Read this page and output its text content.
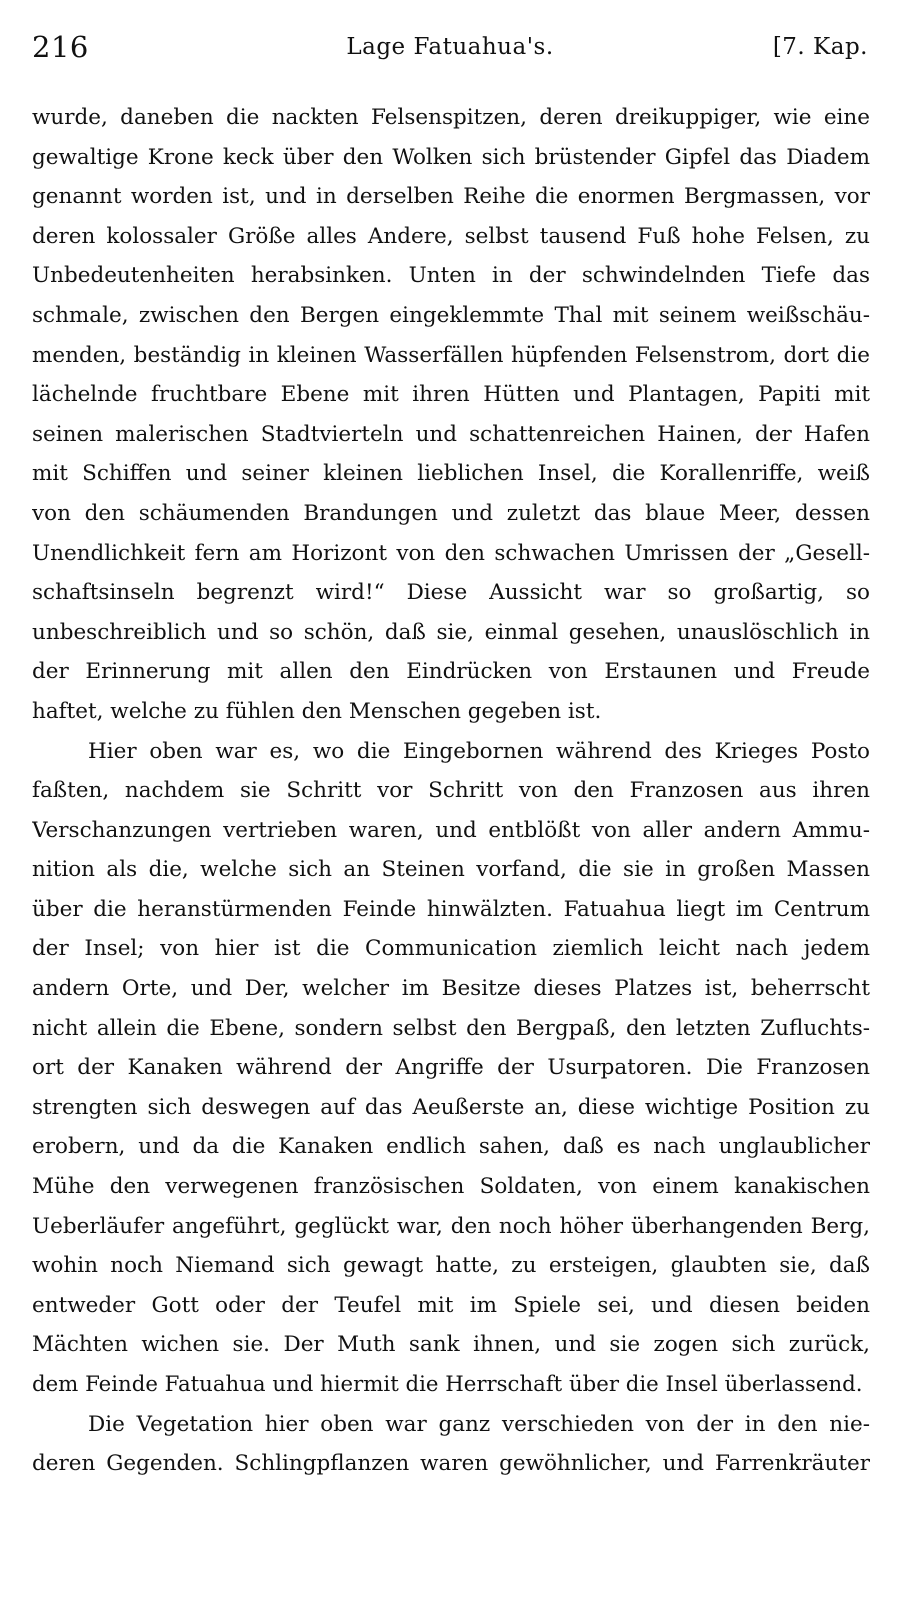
216	Lage Fatuahua's.	[7. Kap.
wurde, daneben die nackten Felsenspitzen, deren dreikuppiger, wie eine
gewaltige Krone keck über den Wolken sich brüstender Gipfel das Diadem
genannt worden ist, und in derselben Reihe die enormen Bergmassen, vor
deren kolossaler Größe alles Andere, selbst tausend Fuß hohe Felsen, zu
Unbedeutenheiten herabsinken. Unten in der schwindelnden Tiefe das
schmale, zwischen den Bergen eingeklemmte Thal mit seinem weißschäu-
menden, beständig in kleinen Wasserfällen hüpfenden Felsenstrom, dort die
lächelnde fruchtbare Ebene mit ihren Hütten und Plantagen, Papiti mit
seinen malerischen Stadtvierteln und schattenreichen Hainen, der Hafen
mit Schiffen und seiner kleinen lieblichen Insel, die Korallenriffe, weiß
von den schäumenden Brandungen und zuletzt das blaue Meer, dessen
Unendlichkeit fern am Horizont von den schwachen Umrissen der „Gesell-
schaftsinseln begrenzt wird!“ Diese Aussicht war so großartig, so
unbeschreiblich und so schön, daß sie, einmal gesehen, unauslöschlich in
der Erinnerung mit allen den Eindrücken von Erstaunen und Freude
haftet, welche zu fühlen den Menschen gegeben ist.
Hier oben war es, wo die Eingebornen während des Krieges Posto
faßten, nachdem sie Schritt vor Schritt von den Franzosen aus ihren
Verschanzungen vertrieben waren, und entblößt von aller andern Ammu-
nition als die, welche sich an Steinen vorfand, die sie in großen Massen
über die heranstürmenden Feinde hinwälzten. Fatuahua liegt im Centrum
der Insel; von hier ist die Communication ziemlich leicht nach jedem
andern Orte, und Der, welcher im Besitze dieses Platzes ist, beherrscht
nicht allein die Ebene, sondern selbst den Bergpaß, den letzten Zufluchts-
ort der Kanaken während der Angriffe der Usurpatoren. Die Franzosen
strengten sich deswegen auf das Aeußerste an, diese wichtige Position zu
erobern, und da die Kanaken endlich sahen, daß es nach unglaublicher
Mühe den verwegenen französischen Soldaten, von einem kanakischen
Ueberläufer angeführt, geglückt war, den noch höher überhangenden Berg,
wohin noch Niemand sich gewagt hatte, zu ersteigen, glaubten sie, daß
entweder Gott oder der Teufel mit im Spiele sei, und diesen beiden
Mächten wichen sie. Der Muth sank ihnen, und sie zogen sich zurück,
dem Feinde Fatuahua und hiermit die Herrschaft über die Insel überlassend.
Die Vegetation hier oben war ganz verschieden von der in den nie-
deren Gegenden. Schlingpflanzen waren gewöhnlicher, und Farrenkräuter
